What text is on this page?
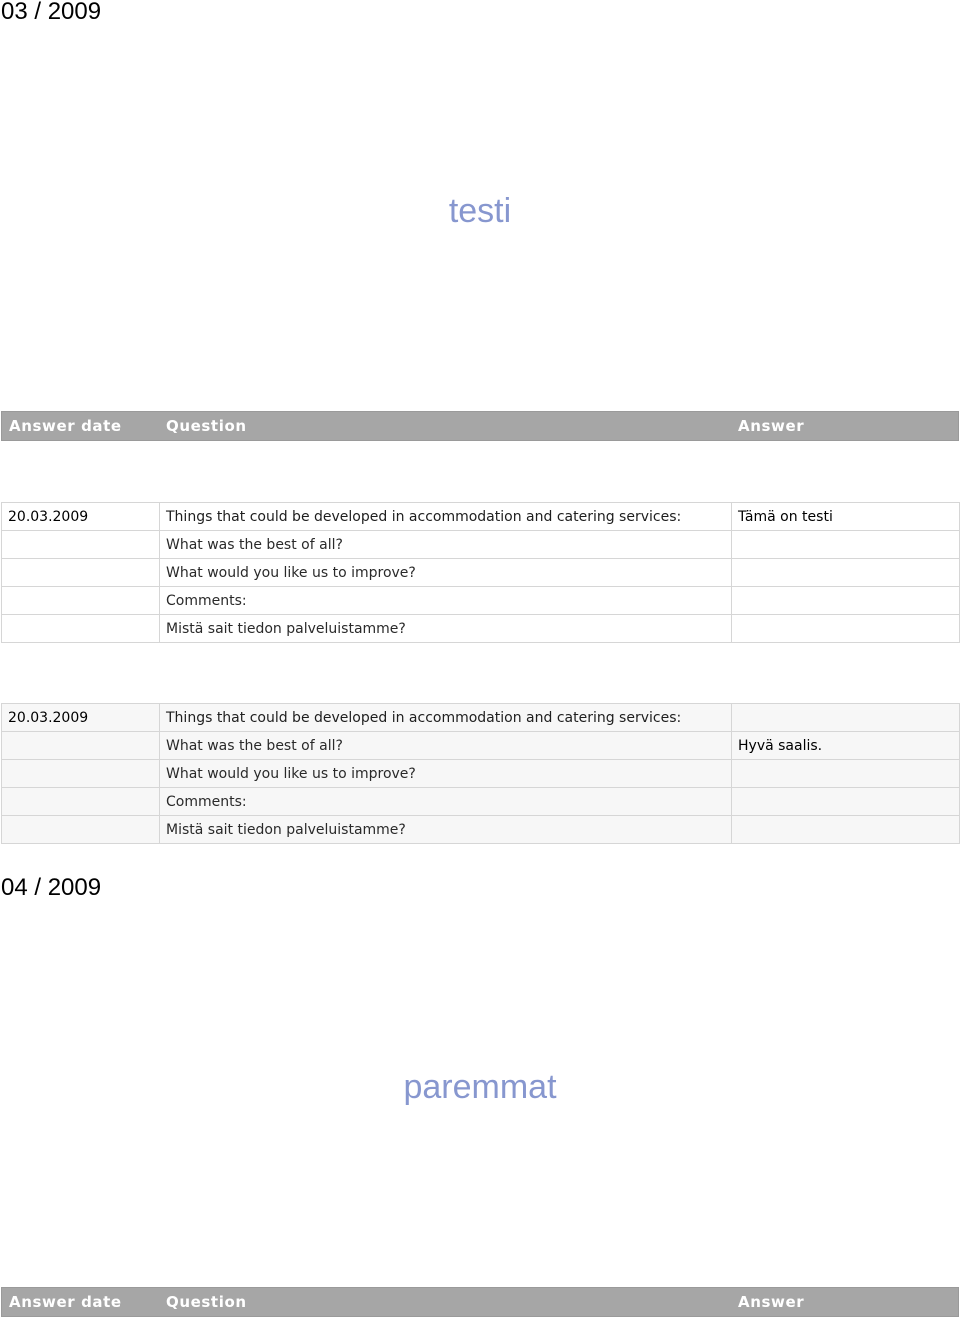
03 / 2009
testi
Answer date	Question	Answer
20.03.2009	Things that could be developed in accommodation and catering services:	Tämä on testi
	What was the best of all?	
	What would you like us to improve?	
	Comments:	
	Mistä sait tiedon palveluistamme?	
20.03.2009	Things that could be developed in accommodation and catering services:	
	What was the best of all?	Hyvä saalis.
	What would you like us to improve?	
	Comments:	
	Mistä sait tiedon palveluistamme?	
04 / 2009
paremmat
Answer date	Question	Answer
